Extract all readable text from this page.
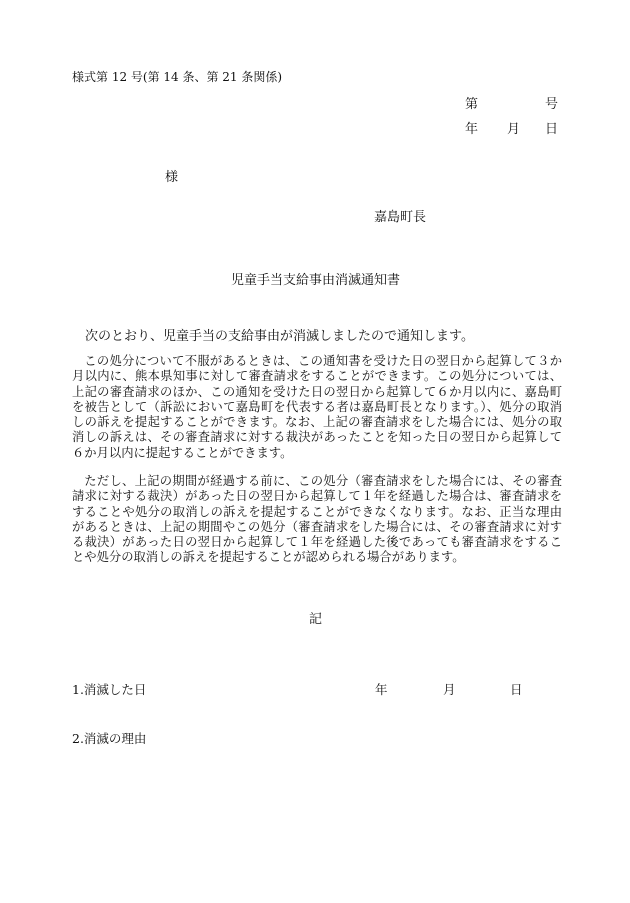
様式第 12 号(第 14 条、第 21 条関係)
第	号
年 月 日
様
嘉島町長
児童手当支給事由消滅通知書
次のとおり、児童手当の支給事由が消滅しましたので通知します。

この処分について不服があるときは、この通知書を受けた日の翌日から起算して３か月以内に、熊本県知事に対して審査請求をすることができます。この処分については、上記の審査請求のほか、この通知を受けた日の翌日から起算して６か月以内に、嘉島町を被告として（訴訟において嘉島町を代表する者は嘉島町長となります。）、処分の取消しの訴えを提起することができます。なお、上記の審査請求をした場合には、処分の取消しの訴えは、その審査請求に対する裁決があったことを知った日の翌日から起算して６か月以内に提起することができます。

ただし、上記の期間が経過する前に、この処分（審査請求をした場合には、その審査請求に対する裁決）があった日の翌日から起算して１年を経過した場合は、審査請求をすることや処分の取消しの訴えを提起することができなくなります。なお、正当な理由があるときは、上記の期間やこの処分（審査請求をした場合には、その審査請求に対する裁決）があった日の翌日から起算して１年を経過した後であっても審査請求をすることや処分の取消しの訴えを提起することが認められる場合があります。

記
1.消滅した日	年	月	日
2.消滅の理由
